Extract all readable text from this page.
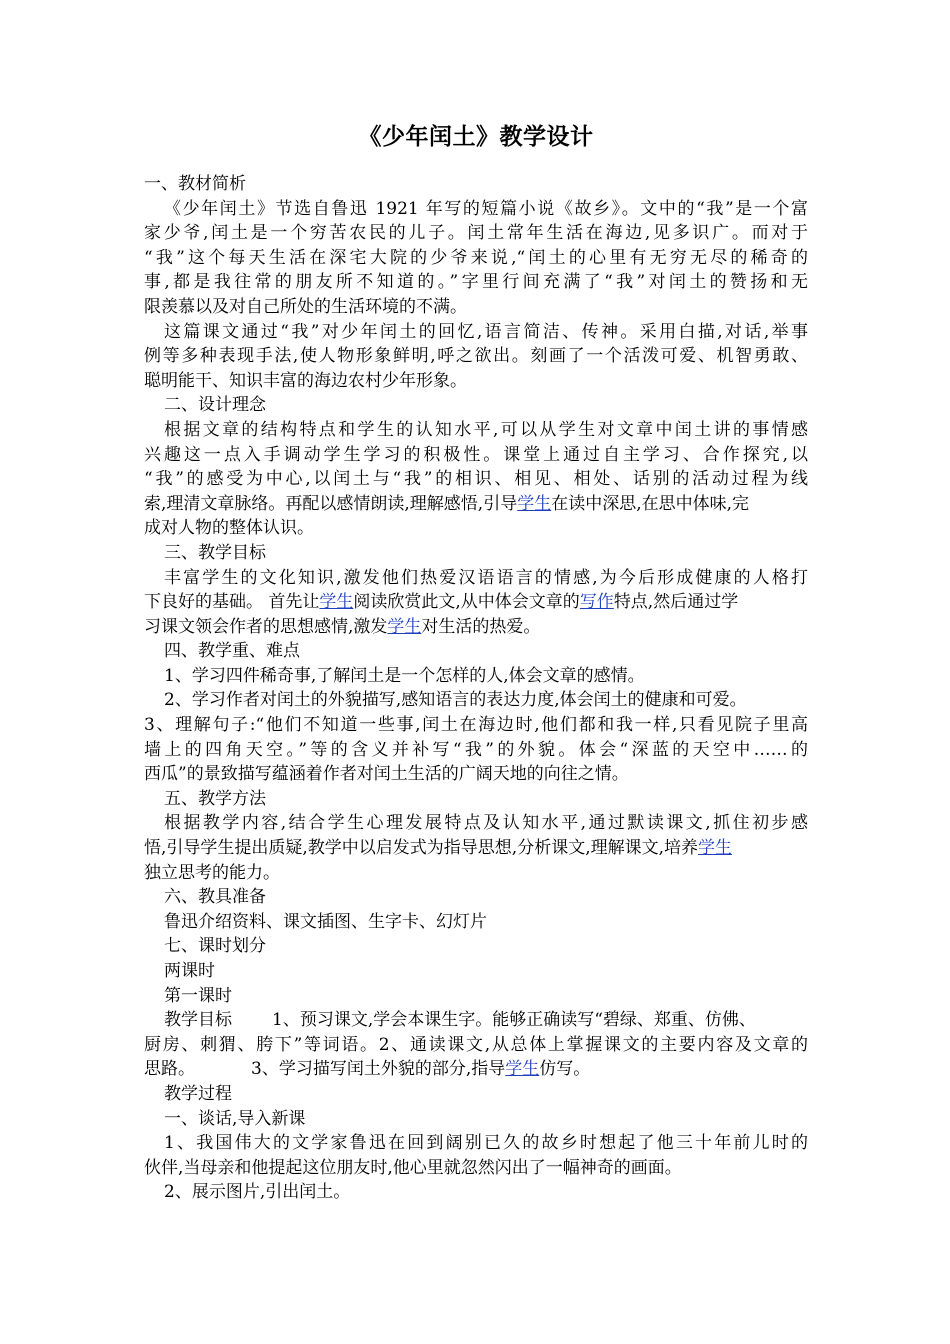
《少年闰土》教学设计
一、教材简析
《少年闰土》节选自鲁迅 1921 年写的短篇小说《故乡》。文中的“我”是一个富
家少爷,闰土是一个穷苦农民的儿子。闰土常年生活在海边,见多识广。而对于
“我”这个每天生活在深宅大院的少爷来说,“闰土的心里有无穷无尽的稀奇的
事,都是我往常的朋友所不知道的。”字里行间充满了“我”对闰土的赞扬和无
限羡慕以及对自己所处的生活环境的不满。
这篇课文通过“我”对少年闰土的回忆,语言简洁、传神。采用白描,对话,举事
例等多种表现手法,使人物形象鲜明,呼之欲出。刻画了一个活泼可爱、机智勇敢、
聪明能干、知识丰富的海边农村少年形象。
二、设计理念
根据文章的结构特点和学生的认知水平,可以从学生对文章中闰土讲的事情感
兴趣这一点入手调动学生学习的积极性。课堂上通过自主学习、合作探究,以
“我”的感受为中心,以闰土与“我”的相识、相见、相处、话别的活动过程为线
索,理清文章脉络。再配以感情朗读,理解感悟,引导学生在读中深思,在思中体味,完
成对人物的整体认识。
三、教学目标
丰富学生的文化知识,激发他们热爱汉语语言的情感,为今后形成健康的人格打
下良好的基础。 首先让学生阅读欣赏此文,从中体会文章的写作特点,然后通过学
习课文领会作者的思想感情,激发学生对生活的热爱。
四、教学重、难点
1、学习四件稀奇事,了解闰土是一个怎样的人,体会文章的感情。
2、学习作者对闰土的外貌描写,感知语言的表达力度,体会闰土的健康和可爱。
3、理解句子:“他们不知道一些事,闰土在海边时,他们都和我一样,只看见院子里高
墙上的四角天空。”等的含义并补写“我”的外貌。体会“深蓝的天空中……的
西瓜”的景致描写蕴涵着作者对闰土生活的广阔天地的向往之情。
五、教学方法
根据教学内容,结合学生心理发展特点及认知水平,通过默读课文,抓住初步感
悟,引导学生提出质疑,教学中以启发式为指导思想,分析课文,理解课文,培养学生
独立思考的能力。
六、教具准备
鲁迅介绍资料、课文插图、生字卡、幻灯片
七、课时划分
两课时
第一课时
教学目标 1、预习课文,学会本课生字。能够正确读写“碧绿、郑重、仿佛、
厨房、刺猬、胯下”等词语。2、通读课文,从总体上掌握课文的主要内容及文章的
思路。	3、学习描写闰土外貌的部分,指导学生仿写。
教学过程
一、谈话,导入新课
1、我国伟大的文学家鲁迅在回到阔别已久的故乡时想起了他三十年前儿时的
伙伴,当母亲和他提起这位朋友时,他心里就忽然闪出了一幅神奇的画面。
2、展示图片,引出闰土。
